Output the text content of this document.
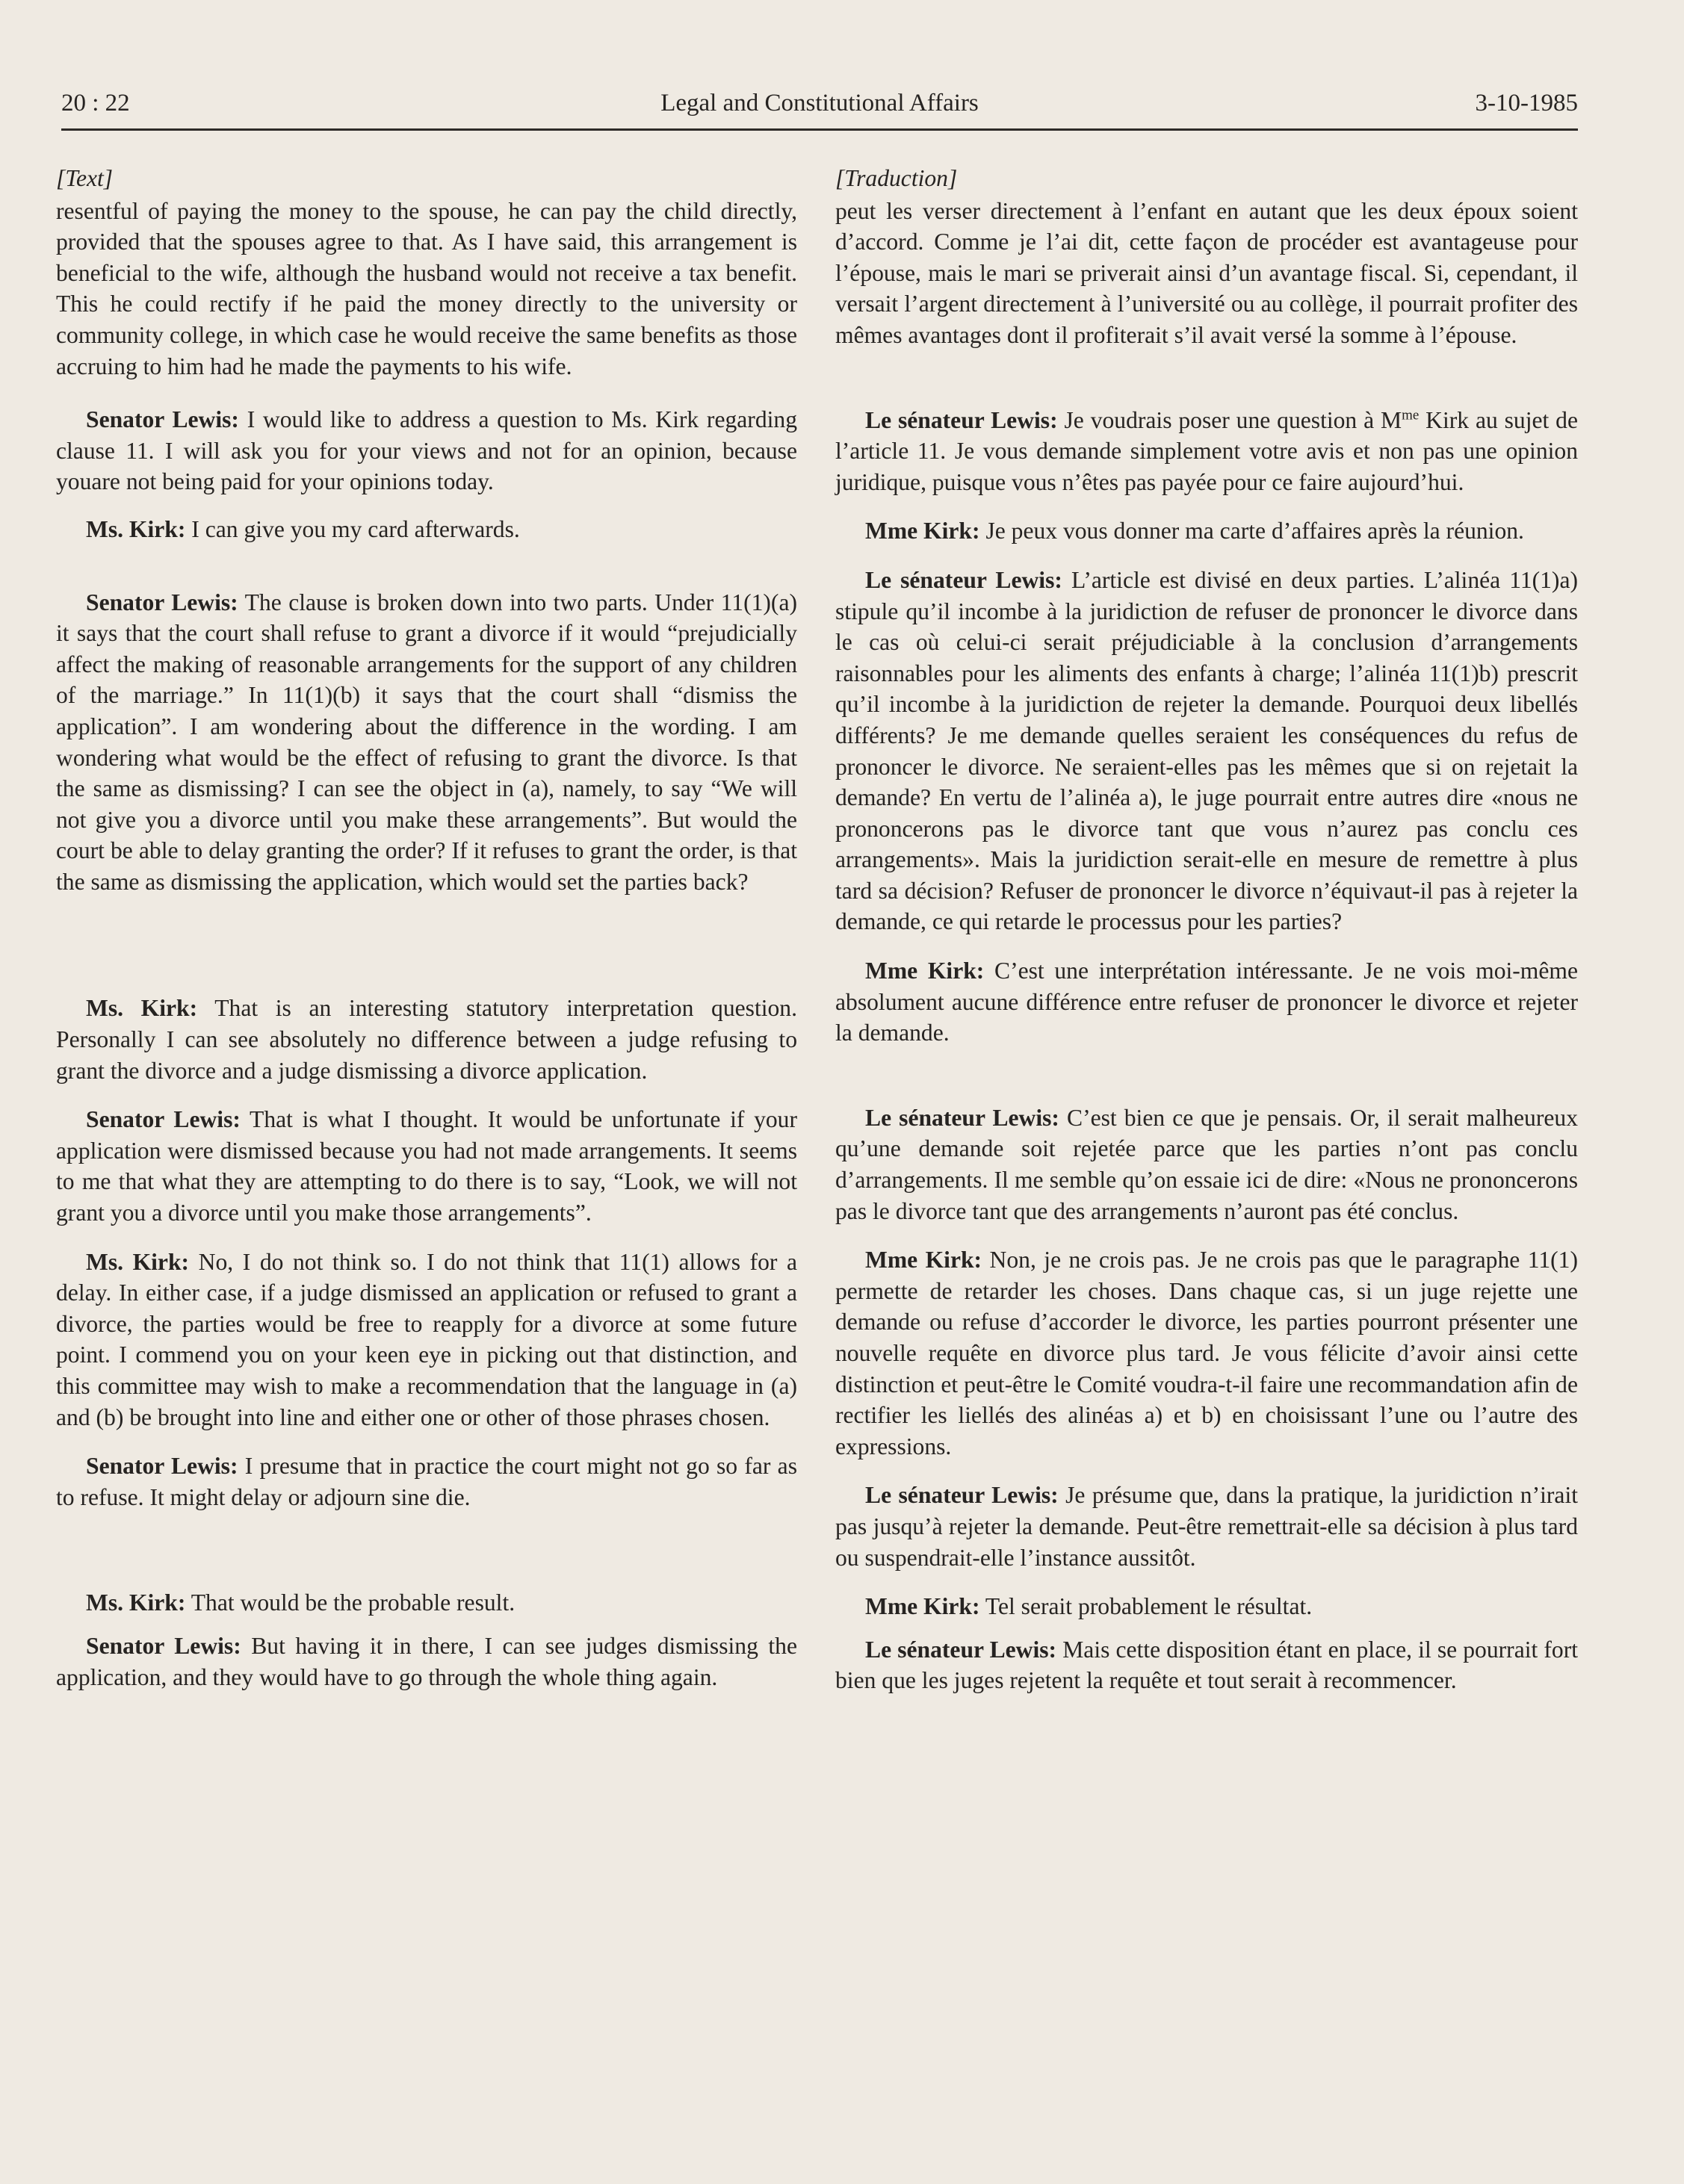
20 : 22	Legal and Constitutional Affairs	3-10-1985

[Text]

resentful of paying the money to the spouse, he can pay the child directly, provided that the spouses agree to that. As I have said, this arrangement is beneficial to the wife, although the husband would not receive a tax benefit. This he could rectify if he paid the money directly to the university or community college, in which case he would receive the same benefits as those accruing to him had he made the payments to his wife.

Senator Lewis: I would like to address a question to Ms. Kirk regarding clause 11. I will ask you for your views and not for an opinion, because youare not being paid for your opinions today.

Ms. Kirk: I can give you my card afterwards.

Senator Lewis: The clause is broken down into two parts. Under 11(1)(a) it says that the court shall refuse to grant a divorce if it would “prejudicially affect the making of reasonable arrangements for the support of any children of the marriage.” In 11(1)(b) it says that the court shall “dismiss the application”. I am wondering about the difference in the wording. I am wondering what would be the effect of refusing to grant the divorce. Is that the same as dismissing? I can see the object in (a), namely, to say “We will not give you a divorce until you make these arrangements”. But would the court be able to delay granting the order? If it refuses to grant the order, is that the same as dismissing the application, which would set the parties back?

Ms. Kirk: That is an interesting statutory interpretation question. Personally I can see absolutely no difference between a judge refusing to grant the divorce and a judge dismissing a divorce application.

Senator Lewis: That is what I thought. It would be unfortunate if your application were dismissed because you had not made arrangements. It seems to me that what they are attempting to do there is to say, “Look, we will not grant you a divorce until you make those arrangements”.

Ms. Kirk: No, I do not think so. I do not think that 11(1) allows for a delay. In either case, if a judge dismissed an application or refused to grant a divorce, the parties would be free to reapply for a divorce at some future point. I commend you on your keen eye in picking out that distinction, and this committee may wish to make a recommendation that the language in (a) and (b) be brought into line and either one or other of those phrases chosen.

Senator Lewis: I presume that in practice the court might not go so far as to refuse. It might delay or adjourn sine die.

Ms. Kirk: That would be the probable result.

Senator Lewis: But having it in there, I can see judges dismissing the application, and they would have to go through the whole thing again.

[Traduction]

peut les verser directement à l’enfant en autant que les deux époux soient d’accord. Comme je l’ai dit, cette façon de procéder est avantageuse pour l’épouse, mais le mari se priverait ainsi d’un avantage fiscal. Si, cependant, il versait l’argent directement à l’université ou au collège, il pourrait profiter des mêmes avantages dont il profiterait s’il avait versé la somme à l’épouse.

Le sénateur Lewis: Je voudrais poser une question à $M^{me}$ Kirk au sujet de l’article 11. Je vous demande simplement votre avis et non pas une opinion juridique, puisque vous n’êtes pas payée pour ce faire aujourd’hui.

Mme Kirk: Je peux vous donner ma carte d’affaires après la réunion.

Le sénateur Lewis: L’article est divisé en deux parties. L’alinéa 11(1)a) stipule qu’il incombe à la juridiction de refuser de prononcer le divorce dans le cas où celui-ci serait préjudiciable à la conclusion d’arrangements raisonnables pour les aliments des enfants à charge; l’alinéa 11(1)b) prescrit qu’il incombe à la juridiction de rejeter la demande. Pourquoi deux libellés différents? Je me demande quelles seraient les conséquences du refus de prononcer le divorce. Ne seraient-elles pas les mêmes que si on rejetait la demande? En vertu de l’alinéa a), le juge pourrait entre autres dire «nous ne prononcerons pas le divorce tant que vous n’aurez pas conclu ces arrangements». Mais la juridiction serait-elle en mesure de remettre à plus tard sa décision? Refuser de prononcer le divorce n’équivaut-il pas à rejeter la demande, ce qui retarde le processus pour les parties?

Mme Kirk: C’est une interprétation intéressante. Je ne vois moi-même absolument aucune différence entre refuser de prononcer le divorce et rejeter la demande.

Le sénateur Lewis: C’est bien ce que je pensais. Or, il serait malheureux qu’une demande soit rejetée parce que les parties n’ont pas conclu d’arrangements. Il me semble qu’on essaie ici de dire: «Nous ne prononcerons pas le divorce tant que des arrangements n’auront pas été conclus.

Mme Kirk: Non, je ne crois pas. Je ne crois pas que le paragraphe 11(1) permette de retarder les choses. Dans chaque cas, si un juge rejette une demande ou refuse d’accorder le divorce, les parties pourront présenter une nouvelle requête en divorce plus tard. Je vous félicite d’avoir ainsi cette distinction et peut-être le Comité voudra-t-il faire une recommandation afin de rectifier les liellés des alinéas a) et b) en choisissant l’une ou l’autre des expressions.

Le sénateur Lewis: Je présume que, dans la pratique, la juridiction n’irait pas jusqu’à rejeter la demande. Peut-être remettrait-elle sa décision à plus tard ou suspendrait-elle l’instance aussitôt.

Mme Kirk: Tel serait probablement le résultat.

Le sénateur Lewis: Mais cette disposition étant en place, il se pourrait fort bien que les juges rejetent la requête et tout serait à recommencer.
